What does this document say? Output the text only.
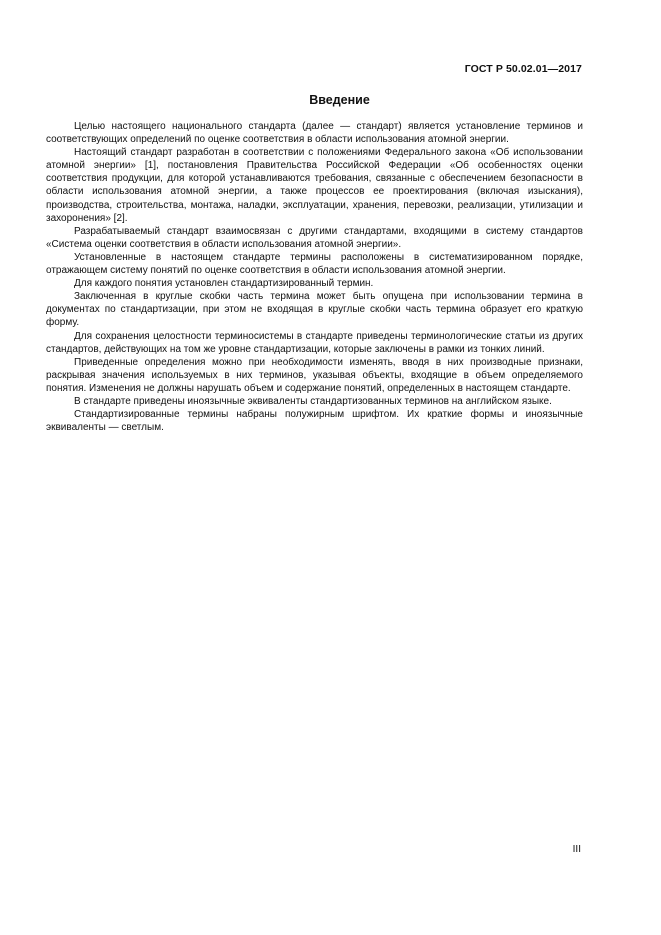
ГОСТ Р 50.02.01—2017
Введение

Целью настоящего национального стандарта (далее — стандарт) является установление терминов и соответствующих определений по оценке соответствия в области использования атомной энергии.

Настоящий стандарт разработан в соответствии с положениями Федерального закона «Об использовании атомной энергии» [1], постановления Правительства Российской Федерации «Об особенностях оценки соответствия продукции, для которой устанавливаются требования, связанные с обеспечением безопасности в области использования атомной энергии, а также процессов ее проектирования (включая изыскания), производства, строительства, монтажа, наладки, эксплуатации, хранения, перевозки, реализации, утилизации и захоронения» [2].

Разрабатываемый стандарт взаимосвязан с другими стандартами, входящими в систему стандартов «Система оценки соответствия в области использования атомной энергии».

Установленные в настоящем стандарте термины расположены в систематизированном порядке, отражающем систему понятий по оценке соответствия в области использования атомной энергии.

Для каждого понятия установлен стандартизированный термин.

Заключенная в круглые скобки часть термина может быть опущена при использовании термина в документах по стандартизации, при этом не входящая в круглые скобки часть термина образует его краткую форму.

Для сохранения целостности терминосистемы в стандарте приведены терминологические статьи из других стандартов, действующих на том же уровне стандартизации, которые заключены в рамки из тонких линий.

Приведенные определения можно при необходимости изменять, вводя в них производные признаки, раскрывая значения используемых в них терминов, указывая объекты, входящие в объем определяемого понятия. Изменения не должны нарушать объем и содержание понятий, определенных в настоящем стандарте.

В стандарте приведены иноязычные эквиваленты стандартизованных терминов на английском языке.

Стандартизированные термины набраны полужирным шрифтом. Их краткие формы и иноязычные эквиваленты — светлым.

III
